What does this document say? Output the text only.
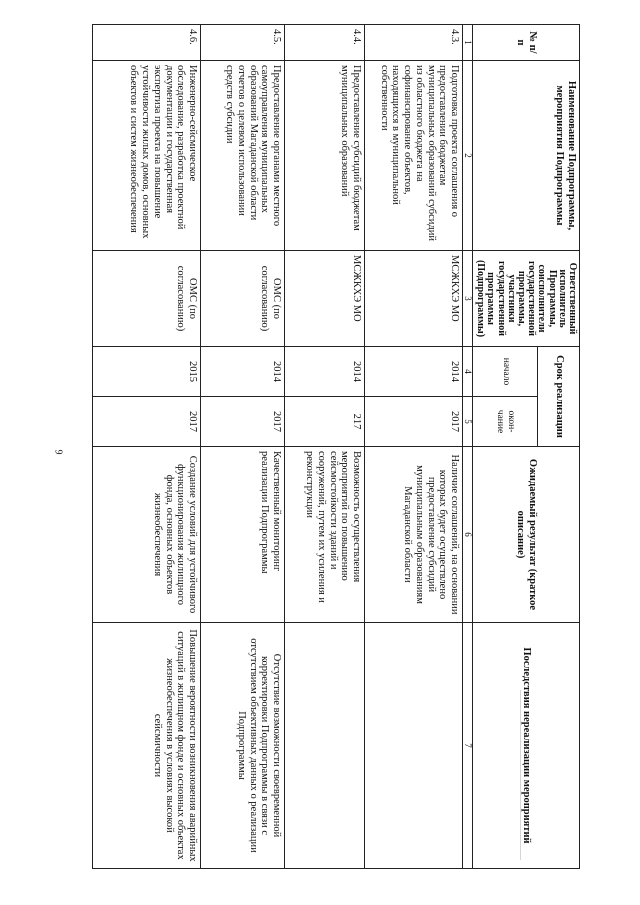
9
№ п/п	Наименование Подпрограммы, мероприятия Подпрограммы	Ответственный исполнитель Программы, соисполнители государственной программы, участники государственной программы (Подпрограммы)	Срок реализации		Ожидаемый результат (краткое описание)	Последствия нереализации мероприятий
			начало	окон-чание		
1	2	3	4	5	6	7
4.3.	Подготовка проекта соглашения о предоставлении бюджетам муниципальных образований субсидий из областного бюджета на софинансирование объектов, находящихся в муниципальной собственности	МСЖКХЭ МО	2014	2017	Наличие соглашений, на основании которых будет осуществлено предоставление субсидий муниципальным образованиям Магаданской области	
4.4.	Предоставление субсидий бюджетам муниципальных образований	МСЖКХЭ МО	2014	217	Возможность осуществления мероприятий по повышению сейсмостойкости зданий и сооружений, путем их усиления и реконструкции	
4.5.	Предоставление органами местного самоуправления муниципальных образований Магаданской области отчетов о целевом использовании средств субсидии	ОМС (по согласованию)	2014	2017	Качественный мониторинг реализации Подпрограммы	Отсутствие возможности своевременной корректировки Подпрограммы в связи с отсутствием объективных данных о реализации Подпрограммы
4.6.	Инженерно-сейсмическое обследование, разработка проектной документации и государственная экспертиза проекта на повышение устойчивости жилых домов, основных объектов и систем жизнеобеспечения	ОМС (по согласованию)	2015	2017	Создание условий для устойчивого функционирования жилищного фонда, основных объектов жизнеобеспечения	Повышение вероятности возникновения аварийных ситуаций в жилищном фонде и основных объектах жизнеобеспечения в условиях высокой сейсмичности
